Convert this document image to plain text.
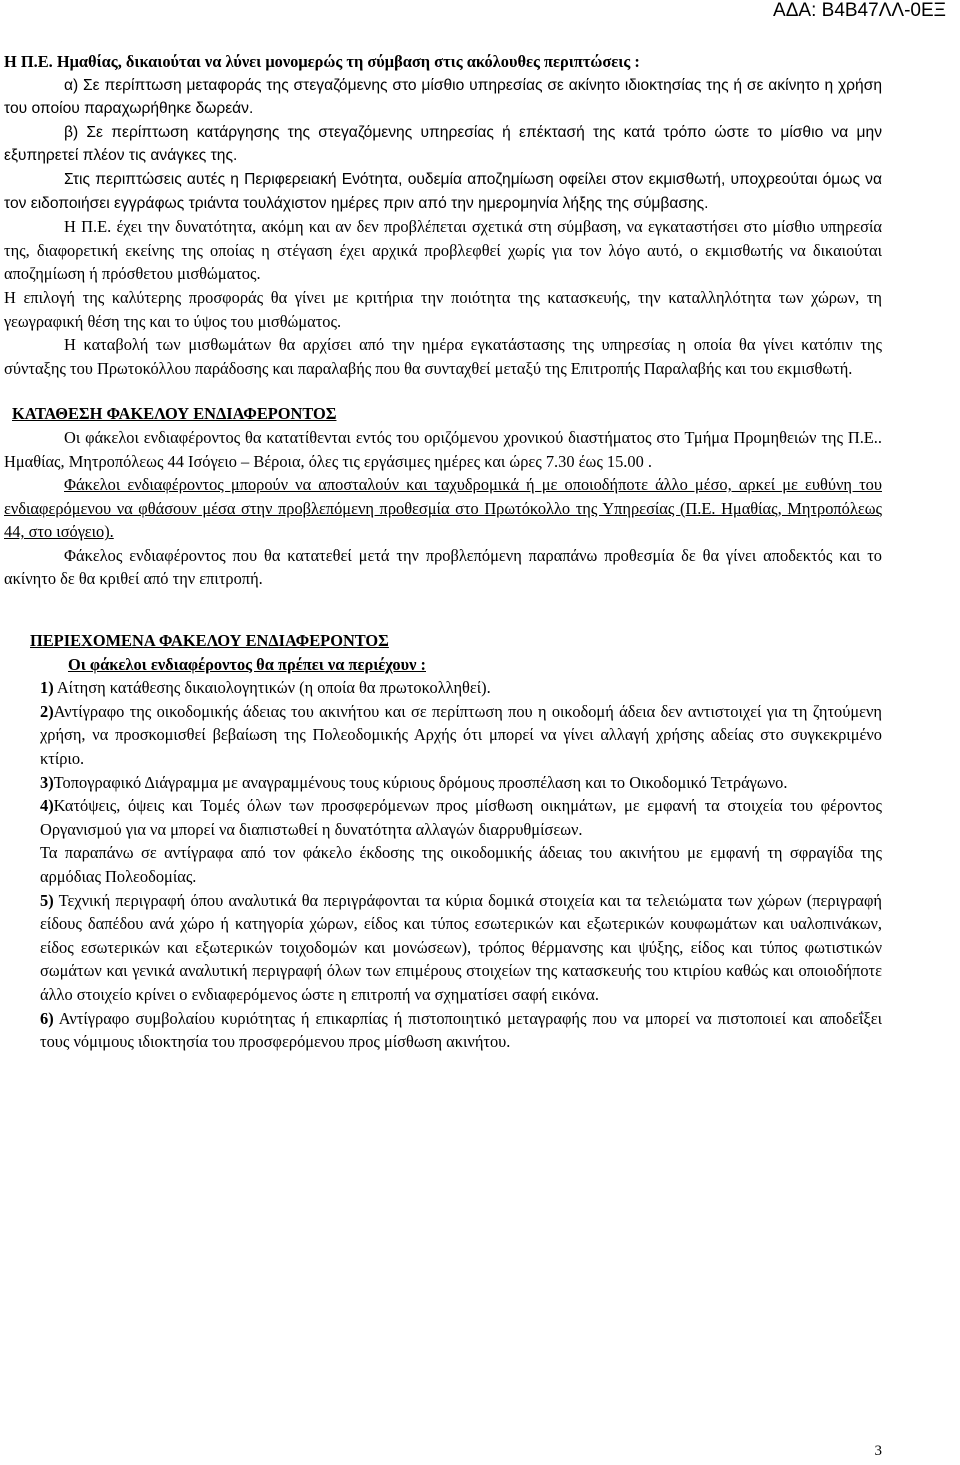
ΑΔΑ: Β4Β47ΛΛ-0ΕΞ

Η Π.Ε. Ημαθίας, δικαιούται να λύνει μονομερώς τη σύμβαση στις ακόλουθες περιπτώσεις :

α) Σε περίπτωση μεταφοράς της στεγαζόμενης στο μίσθιο υπηρεσίας σε ακίνητο ιδιοκτησίας της ή σε ακίνητο η χρήση του οποίου παραχωρήθηκε δωρεάν.

β) Σε περίπτωση κατάργησης της στεγαζόμενης υπηρεσίας ή επέκτασή της κατά τρόπο ώστε το μίσθιο να μην εξυπηρετεί πλέον τις ανάγκες της.

Στις περιπτώσεις αυτές η Περιφερειακή Ενότητα, ουδεμία αποζημίωση οφείλει στον εκμισθωτή, υποχρεούται όμως να τον ειδοποιήσει εγγράφως τριάντα τουλάχιστον ημέρες πριν από την ημερομηνία λήξης της σύμβασης.

Η Π.Ε. έχει την δυνατότητα, ακόμη και αν δεν προβλέπεται σχετικά στη σύμβαση, να εγκαταστήσει στο μίσθιο υπηρεσία της, διαφορετική εκείνης της οποίας η στέγαση έχει αρχικά προβλεφθεί χωρίς για τον λόγο αυτό, ο εκμισθωτής να δικαιούται αποζημίωση ή πρόσθετου μισθώματος.

Η επιλογή της καλύτερης προσφοράς θα γίνει με κριτήρια την ποιότητα της κατασκευής, την καταλληλότητα των χώρων, τη γεωγραφική θέση της και το ύψος του μισθώματος.

Η καταβολή των μισθωμάτων θα αρχίσει από την ημέρα εγκατάστασης της υπηρεσίας η οποία θα γίνει κατόπιν της σύνταξης του Πρωτοκόλλου παράδοσης και παραλαβής που θα συνταχθεί μεταξύ της Επιτροπής Παραλαβής και του εκμισθωτή.

ΚΑΤΑΘΕΣΗ ΦΑΚΕΛΟΥ ΕΝΔΙΑΦΕΡΟΝΤΟΣ

Οι φάκελοι ενδιαφέροντος θα κατατίθενται εντός του οριζόμενου χρονικού διαστήματος στο Τμήμα Προμηθειών της Π.Ε.. Ημαθίας, Μητροπόλεως 44 Ισόγειο – Βέροια, όλες τις εργάσιμες ημέρες και ώρες 7.30 έως 15.00 .

Φάκελοι ενδιαφέροντος μπορούν να αποσταλούν και ταχυδρομικά ή με οποιοδήποτε άλλο μέσο, αρκεί με ευθύνη του ενδιαφερόμενου να φθάσουν μέσα στην προβλεπόμενη προθεσμία στο Πρωτόκολλο της Υπηρεσίας (Π.Ε. Ημαθίας, Μητροπόλεως 44, στο ισόγειο).

Φάκελος ενδιαφέροντος που θα κατατεθεί μετά την προβλεπόμενη παραπάνω προθεσμία δε θα γίνει αποδεκτός και το ακίνητο δε θα κριθεί από την επιτροπή.

ΠΕΡΙΕΧΟΜΕΝΑ ΦΑΚΕΛΟΥ ΕΝΔΙΑΦΕΡΟΝΤΟΣ

Οι φάκελοι ενδιαφέροντος θα πρέπει να περιέχουν :

1) Αίτηση κατάθεσης δικαιολογητικών (η οποία θα πρωτοκολληθεί).

2)Αντίγραφο της οικοδομικής άδειας του ακινήτου και σε περίπτωση που η οικοδομή άδεια δεν αντιστοιχεί για τη ζητούμενη χρήση, να προσκομισθεί βεβαίωση της Πολεοδομικής Αρχής ότι μπορεί να γίνει αλλαγή χρήσης αδείας στο συγκεκριμένο κτίριο.

3)Τοπογραφικό Διάγραμμα με αναγραμμένους τους κύριους δρόμους προσπέλαση και το Οικοδομικό Τετράγωνο.

4)Κατόψεις, όψεις και Τομές όλων των προσφερόμενων προς μίσθωση οικημάτων, με εμφανή τα στοιχεία του φέροντος Οργανισμού για να μπορεί να διαπιστωθεί η δυνατότητα αλλαγών διαρρυθμίσεων.

Τα παραπάνω σε αντίγραφα από τον φάκελο έκδοσης της οικοδομικής άδειας του ακινήτου με εμφανή τη σφραγίδα της αρμόδιας Πολεοδομίας.

5) Τεχνική περιγραφή όπου αναλυτικά θα περιγράφονται τα κύρια δομικά στοιχεία και τα τελειώματα των χώρων (περιγραφή είδους δαπέδου ανά χώρο ή κατηγορία χώρων, είδος και τύπος εσωτερικών και εξωτερικών κουφωμάτων και υαλοπινάκων, είδος εσωτερικών και εξωτερικών τοιχοδομών και μονώσεων), τρόπος θέρμανσης και ψύξης, είδος και τύπος φωτιστικών σωμάτων και γενικά αναλυτική περιγραφή όλων των επιμέρους στοιχείων της κατασκευής του κτιρίου καθώς και οποιοδήποτε άλλο στοιχείο κρίνει ο ενδιαφερόμενος ώστε η επιτροπή να σχηματίσει σαφή εικόνα.

6) Αντίγραφο συμβολαίου κυριότητας ή επικαρπίας ή πιστοποιητικό μεταγραφής που να μπορεί να πιστοποιεί και αποδεΐξει τους νόμιμους ιδιοκτησία του προσφερόμενου προς μίσθωση ακινήτου.

3
